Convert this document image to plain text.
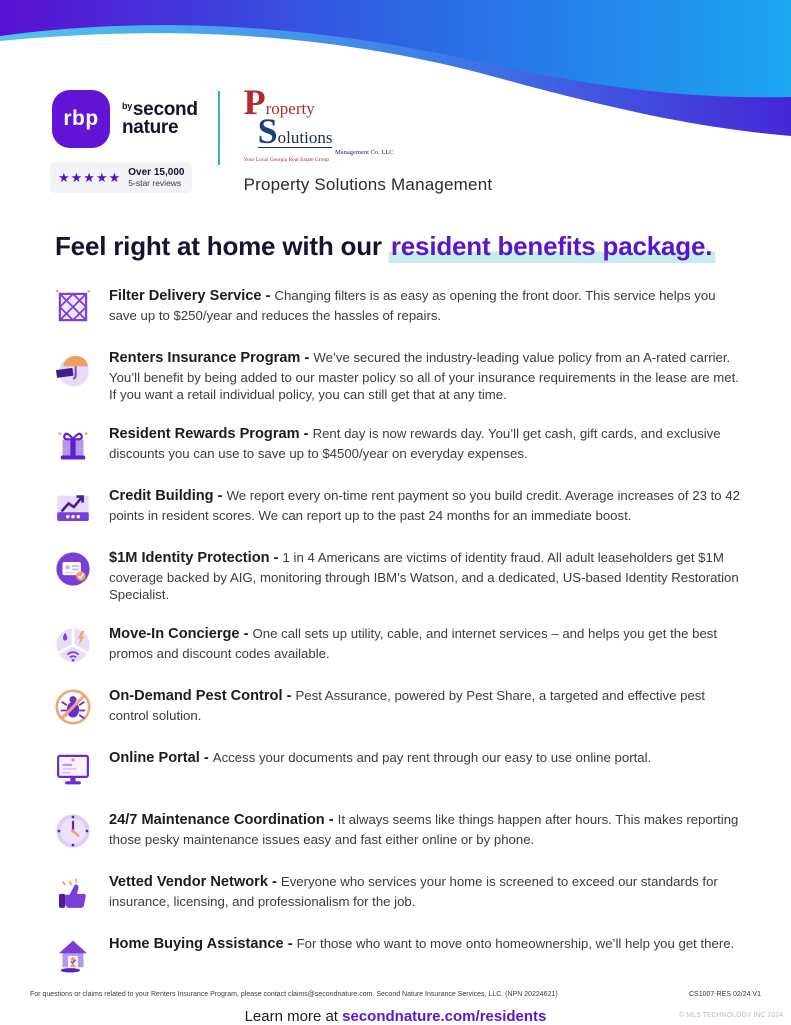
rbp
$^{by}$second
nature
★★★★★ Over 15,000
5-star reviews
Property
Solutions
Management Co. LLC
Your Local Georgia Real Estate Group
Property Solutions Management
Feel right at home with our resident benefits package.

Filter Delivery Service - Changing filters is as easy as opening the front door. This service helps you save up to $250/year and reduces the hassles of repairs.

Renters Insurance Program - We’ve secured the industry-leading value policy from an A-rated carrier. You’ll benefit by being added to our master policy so all of your insurance requirements in the lease are met. If you want a retail individual policy, you can still get that at any time.

Resident Rewards Program - Rent day is now rewards day. You’ll get cash, gift cards, and exclusive discounts you can use to save up to $4500/year on everyday expenses.

Credit Building - We report every on-time rent payment so you build credit. Average increases of 23 to 42 points in resident scores. We can report up to the past 24 months for an immediate boost.

$1M Identity Protection - 1 in 4 Americans are victims of identity fraud. All adult leaseholders get $1M coverage backed by AIG, monitoring through IBM’s Watson, and a dedicated, US-based Identity Restoration Specialist.

Move-In Concierge - One call sets up utility, cable, and internet services – and helps you get the best promos and discount codes available.

On-Demand Pest Control - Pest Assurance, powered by Pest Share, a targeted and effective pest control solution.

Online Portal - Access your documents and pay rent through our easy to use online portal.

24/7 Maintenance Coordination - It always seems like things happen after hours. This makes reporting those pesky maintenance issues easy and fast either online or by phone.

Vetted Vendor Network - Everyone who services your home is screened to exceed our standards for insurance, licensing, and professionalism for the job.

Home Buying Assistance - For those who want to move onto homeownership, we’ll help you get there.

Learn more at secondnature.com/residents
For questions or claims related to your Renters Insurance Program, please contact claims@secondnature.com. Second Nature Insurance Services, LLC. (NPN 20224621)	CS1007-RES 02/24 V1
© MLS TECHNOLOGY INC 2024
